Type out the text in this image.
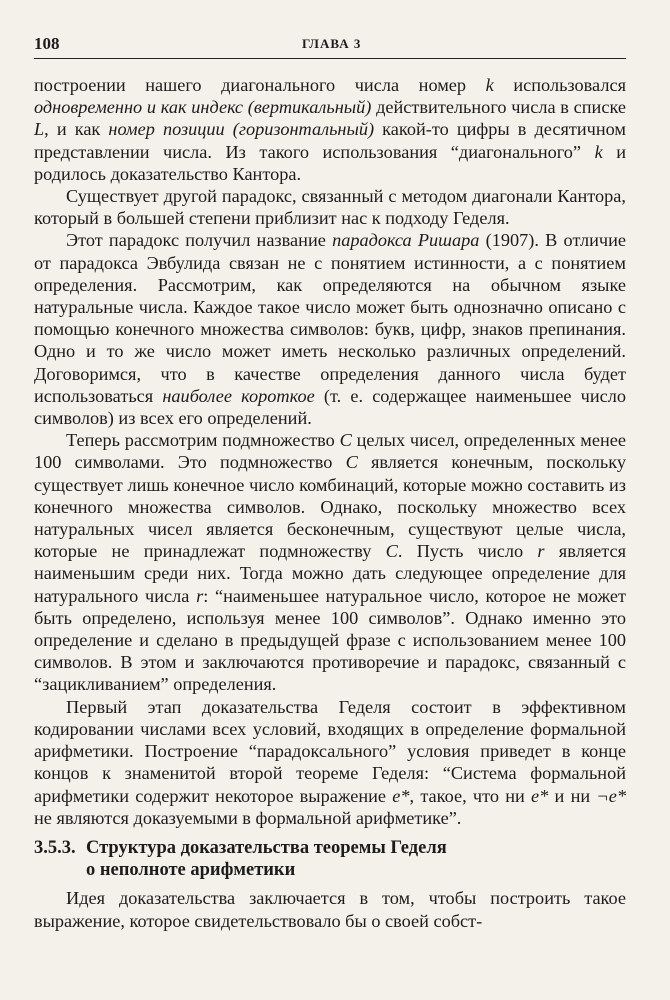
108	ГЛАВА 3

построении нашего диагонального числа номер k использовался одновременно и как индекс (вертикальный) действительного числа в списке L, и как номер позиции (горизонтальный) какой-то цифры в десятичном представлении числа. Из такого использования “диагонального” k и родилось доказательство Кантора.

Существует другой парадокс, связанный с методом диагонали Кантора, который в большей степени приблизит нас к подходу Геделя.

Этот парадокс получил название парадокса Ришара (1907). В отличие от парадокса Эвбулида связан не с понятием истинности, а с понятием определения. Рассмотрим, как определяются на обычном языке натуральные числа. Каждое такое число может быть однозначно описано с помощью конечного множества символов: букв, цифр, знаков препинания. Одно и то же число может иметь несколько различных определений. Договоримся, что в качестве определения данного числа будет использоваться наиболее короткое (т. е. содержащее наименьшее число символов) из всех его определений.

Теперь рассмотрим подмножество C целых чисел, определенных менее 100 символами. Это подмножество C является конечным, поскольку существует лишь конечное число комбинаций, которые можно составить из конечного множества символов. Однако, поскольку множество всех натуральных чисел является бесконечным, существуют целые числа, которые не принадлежат подмножеству C. Пусть число r является наименьшим среди них. Тогда можно дать следующее определение для натурального числа r: “наименьшее натуральное число, которое не может быть определено, используя менее 100 символов”. Однако именно это определение и сделано в предыдущей фразе с использованием менее 100 символов. В этом и заключаются противоречие и парадокс, связанный с “зацикливанием” определения.

Первый этап доказательства Геделя состоит в эффективном кодировании числами всех условий, входящих в определение формальной арифметики. Построение “парадоксального” условия приведет в конце концов к знаменитой второй теореме Геделя: “Система формальной арифметики содержит некоторое выражение e*, такое, что ни e* и ни ¬e* не являются доказуемыми в формальной арифметике”.

3.5.3. Структура доказательства теоремы Геделя
о неполноте арифметики

Идея доказательства заключается в том, чтобы построить такое выражение, которое свидетельствовало бы о своей собст-
